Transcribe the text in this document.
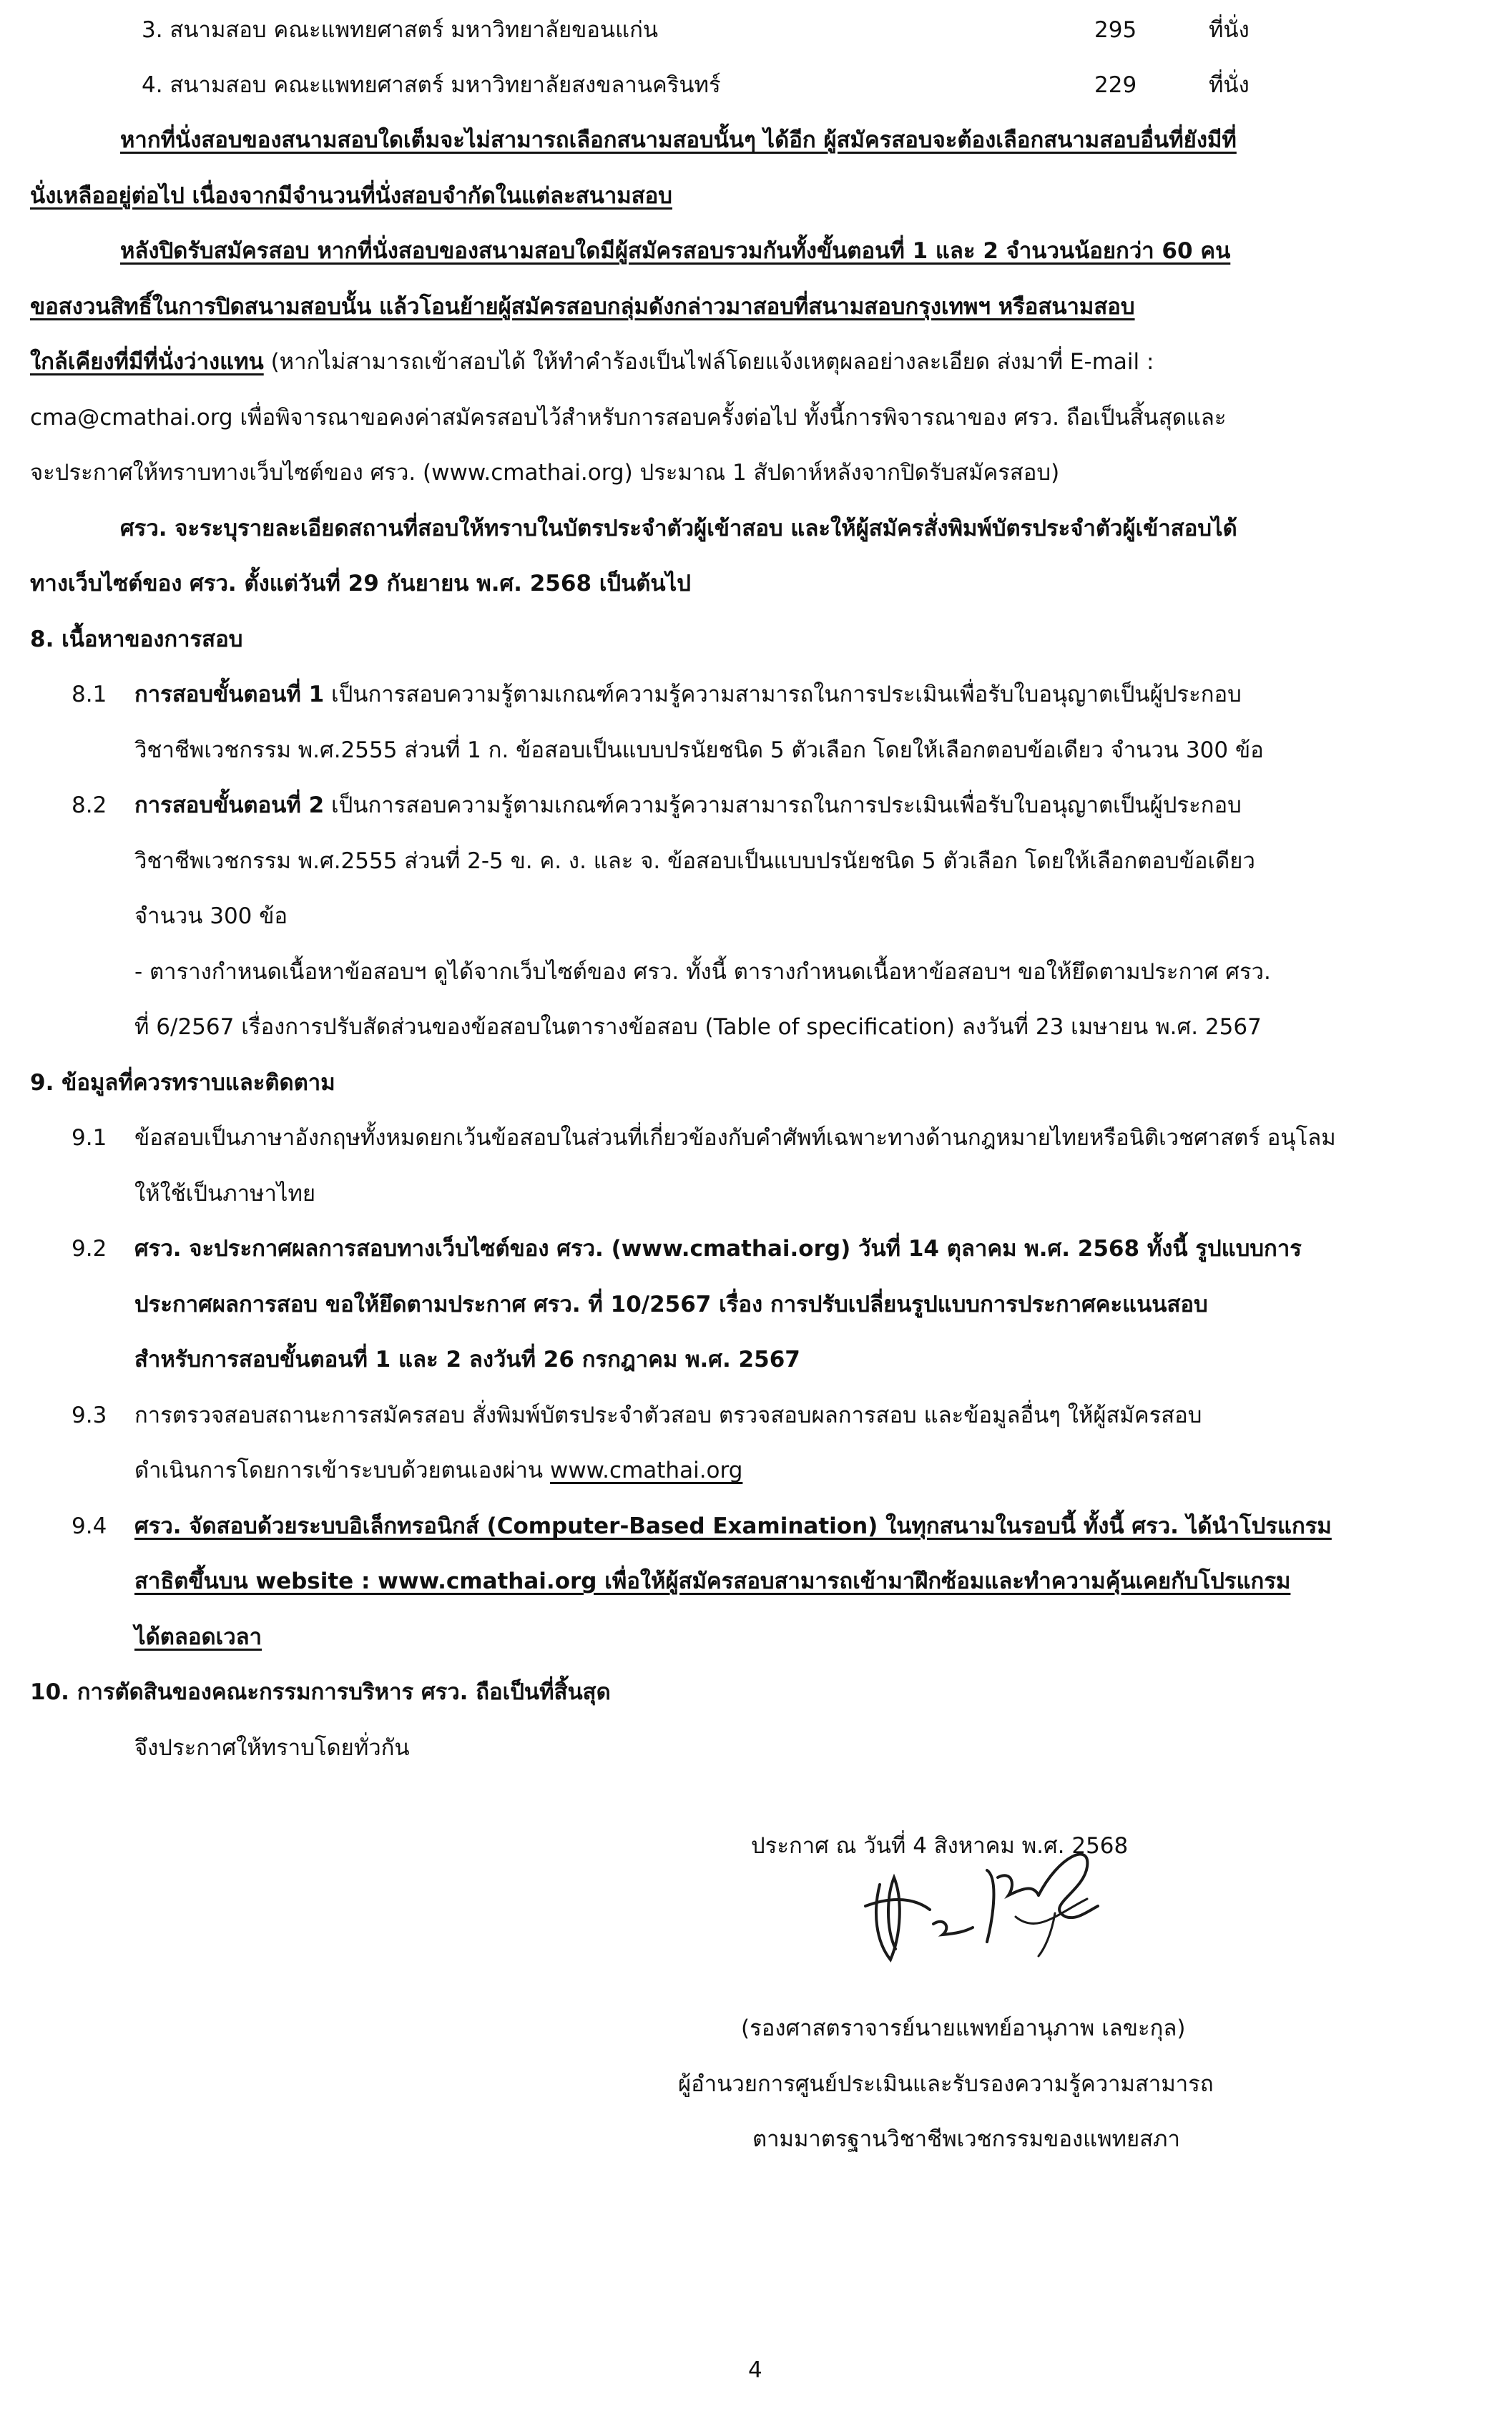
3. สนามสอบ คณะแพทยศาสตร์ มหาวิทยาลัยขอนแก่น	295	ที่นั่ง
4. สนามสอบ คณะแพทยศาสตร์ มหาวิทยาลัยสงขลานครินทร์	229	ที่นั่ง
หากที่นั่งสอบของสนามสอบใดเต็มจะไม่สามารถเลือกสนามสอบนั้นๆ ได้อีก ผู้สมัครสอบจะต้องเลือกสนามสอบอื่นที่ยังมีที่
นั่งเหลืออยู่ต่อไป เนื่องจากมีจำนวนที่นั่งสอบจำกัดในแต่ละสนามสอบ
หลังปิดรับสมัครสอบ หากที่นั่งสอบของสนามสอบใดมีผู้สมัครสอบรวมกันทั้งขั้นตอนที่ 1 และ 2 จำนวนน้อยกว่า 60 คน
ขอสงวนสิทธิ์ในการปิดสนามสอบนั้น แล้วโอนย้ายผู้สมัครสอบกลุ่มดังกล่าวมาสอบที่สนามสอบกรุงเทพฯ หรือสนามสอบ
ใกล้เคียงที่มีที่นั่งว่างแทน (หากไม่สามารถเข้าสอบได้ ให้ทำคำร้องเป็นไฟล์โดยแจ้งเหตุผลอย่างละเอียด ส่งมาที่ E-mail :
cma@cmathai.org เพื่อพิจารณาขอคงค่าสมัครสอบไว้สำหรับการสอบครั้งต่อไป ทั้งนี้การพิจารณาของ ศรว. ถือเป็นสิ้นสุดและ
จะประกาศให้ทราบทางเว็บไซต์ของ ศรว. (www.cmathai.org) ประมาณ 1 สัปดาห์หลังจากปิดรับสมัครสอบ)
ศรว. จะระบุรายละเอียดสถานที่สอบให้ทราบในบัตรประจำตัวผู้เข้าสอบ และให้ผู้สมัครสั่งพิมพ์บัตรประจำตัวผู้เข้าสอบได้
ทางเว็บไซต์ของ ศรว. ตั้งแต่วันที่ 29 กันยายน พ.ศ. 2568 เป็นต้นไป
8. เนื้อหาของการสอบ
8.1 การสอบขั้นตอนที่ 1 เป็นการสอบความรู้ตามเกณฑ์ความรู้ความสามารถในการประเมินเพื่อรับใบอนุญาตเป็นผู้ประกอบ
วิชาชีพเวชกรรม พ.ศ.2555 ส่วนที่ 1 ก. ข้อสอบเป็นแบบปรนัยชนิด 5 ตัวเลือก โดยให้เลือกตอบข้อเดียว จำนวน 300 ข้อ
8.2 การสอบขั้นตอนที่ 2 เป็นการสอบความรู้ตามเกณฑ์ความรู้ความสามารถในการประเมินเพื่อรับใบอนุญาตเป็นผู้ประกอบ
วิชาชีพเวชกรรม พ.ศ.2555 ส่วนที่ 2-5 ข. ค. ง. และ จ. ข้อสอบเป็นแบบปรนัยชนิด 5 ตัวเลือก โดยให้เลือกตอบข้อเดียว
จำนวน 300 ข้อ
- ตารางกำหนดเนื้อหาข้อสอบฯ ดูได้จากเว็บไซต์ของ ศรว. ทั้งนี้ ตารางกำหนดเนื้อหาข้อสอบฯ ขอให้ยึดตามประกาศ ศรว.
ที่ 6/2567 เรื่องการปรับสัดส่วนของข้อสอบในตารางข้อสอบ (Table of specification) ลงวันที่ 23 เมษายน พ.ศ. 2567
9. ข้อมูลที่ควรทราบและติดตาม
9.1 ข้อสอบเป็นภาษาอังกฤษทั้งหมดยกเว้นข้อสอบในส่วนที่เกี่ยวข้องกับคำศัพท์เฉพาะทางด้านกฎหมายไทยหรือนิติเวชศาสตร์ อนุโลม
ให้ใช้เป็นภาษาไทย
9.2 ศรว. จะประกาศผลการสอบทางเว็บไซต์ของ ศรว. (www.cmathai.org) วันที่ 14 ตุลาคม พ.ศ. 2568 ทั้งนี้ รูปแบบการ
ประกาศผลการสอบ ขอให้ยึดตามประกาศ ศรว. ที่ 10/2567 เรื่อง การปรับเปลี่ยนรูปแบบการประกาศคะแนนสอบ
สำหรับการสอบขั้นตอนที่ 1 และ 2 ลงวันที่ 26 กรกฎาคม พ.ศ. 2567
9.3 การตรวจสอบสถานะการสมัครสอบ สั่งพิมพ์บัตรประจำตัวสอบ ตรวจสอบผลการสอบ และข้อมูลอื่นๆ ให้ผู้สมัครสอบ
ดำเนินการโดยการเข้าระบบด้วยตนเองผ่าน www.cmathai.org
9.4 ศรว. จัดสอบด้วยระบบอิเล็กทรอนิกส์ (Computer-Based Examination) ในทุกสนามในรอบนี้ ทั้งนี้ ศรว. ได้นำโปรแกรม
สาธิตขึ้นบน website : www.cmathai.org เพื่อให้ผู้สมัครสอบสามารถเข้ามาฝึกซ้อมและทำความคุ้นเคยกับโปรแกรม
ได้ตลอดเวลา
10. การตัดสินของคณะกรรมการบริหาร ศรว. ถือเป็นที่สิ้นสุด
จึงประกาศให้ทราบโดยทั่วกัน
ประกาศ ณ วันที่ 4 สิงหาคม พ.ศ. 2568
(รองศาสตราจารย์นายแพทย์อานุภาพ เลขะกุล)
ผู้อำนวยการศูนย์ประเมินและรับรองความรู้ความสามารถ
ตามมาตรฐานวิชาชีพเวชกรรมของแพทยสภา
4
